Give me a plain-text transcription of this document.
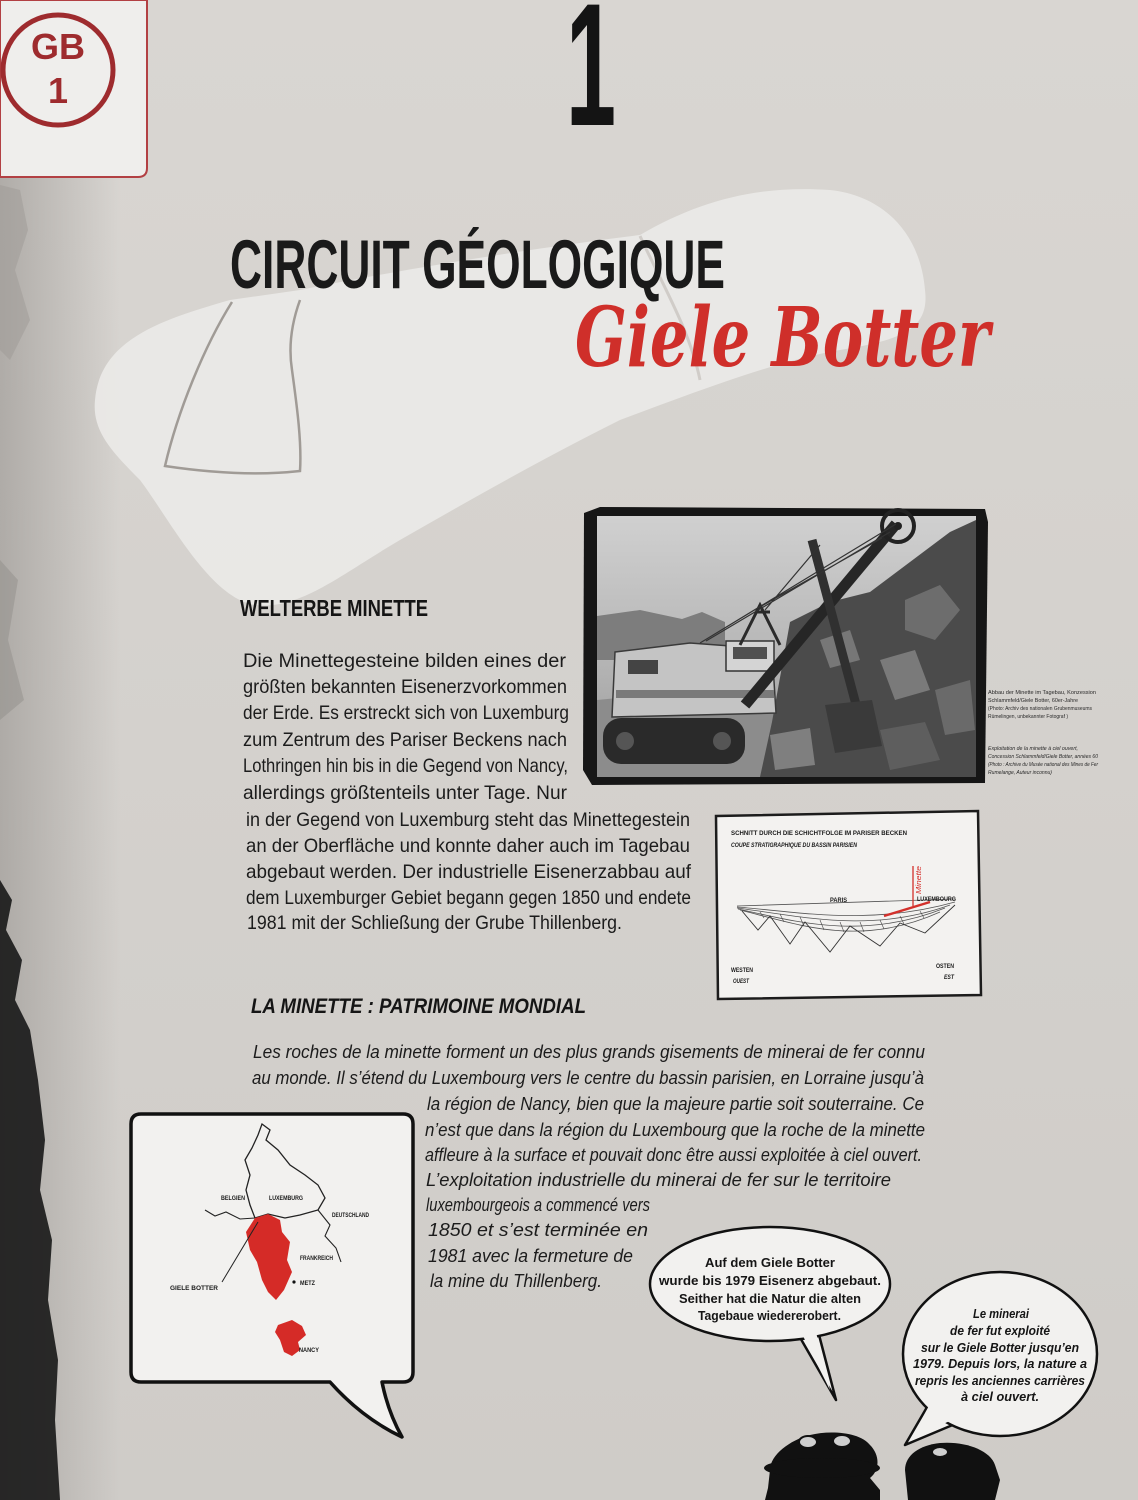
GB
1	1
CIRCUIT GÉOLOGIQUE
Giele Botter
Abbau der Minette im Tagebau, Konzession
Schlammfeld/Giele Botter, 60er-Jahre
(Photo: Archiv des nationalen Grubenmuseums
Rümelingen, unbekannter Fotograf )
Exploitation de la minette à ciel ouvert,
Concession Schlammfeld/Giele Botter, années 60
(Photo : Archive du Musée national des Mines de Fer
Rumelange, Auteur inconnu)
SCHNITT DURCH DIE SCHICHTFOLGE IM PARISER BECKEN
COUPE STRATIGRAPHIQUE DU BASSIN PARISIEN
Minette
PARIS	LUXEMBOURG
WESTEN
OUEST
OSTEN
EST
WELTERBE MINETTE
Die Minettegesteine bilden eines der
größten bekannten Eisenerzvorkommen
der Erde. Es erstreckt sich von Luxemburg
zum Zentrum des Pariser Beckens nach
Lothringen hin bis in die Gegend von Nancy,
allerdings größtenteils unter Tage. Nur
in der Gegend von Luxemburg steht das Minettegestein
an der Oberfläche und konnte daher auch im Tagebau
abgebaut werden. Der industrielle Eisenerzabbau auf
dem Luxemburger Gebiet begann gegen 1850 und endete
1981 mit der Schließung der Grube Thillenberg.
LA MINETTE : PATRIMOINE MONDIAL
Les roches de la minette forment un des plus grands gisements de minerai de fer connu
au monde. Il s’étend du Luxembourg vers le centre du bassin parisien, en Lorraine jusqu’à
la région de Nancy, bien que la majeure partie soit souterraine. Ce
n’est que dans la région du Luxembourg que la roche de la minette
affleure à la surface et pouvait donc être aussi exploitée à ciel ouvert.
L’exploitation industrielle du minerai de fer sur le territoire
luxembourgeois a commencé vers
1850 et s’est terminée en
1981 avec la fermeture de
la mine du Thillenberg.
BELGIEN	LUXEMBURG
DEUTSCHLAND
FRANKREICH
GIELE BOTTER
METZ
NANCY
Auf dem Giele Botter
wurde bis 1979 Eisenerz abgebaut.
Seither hat die Natur die alten
Tagebaue wiedererobert.	Le minerai
de fer fut exploité
sur le Giele Botter jusqu’en
1979. Depuis lors, la nature a
repris les anciennes carrières
à ciel ouvert.
